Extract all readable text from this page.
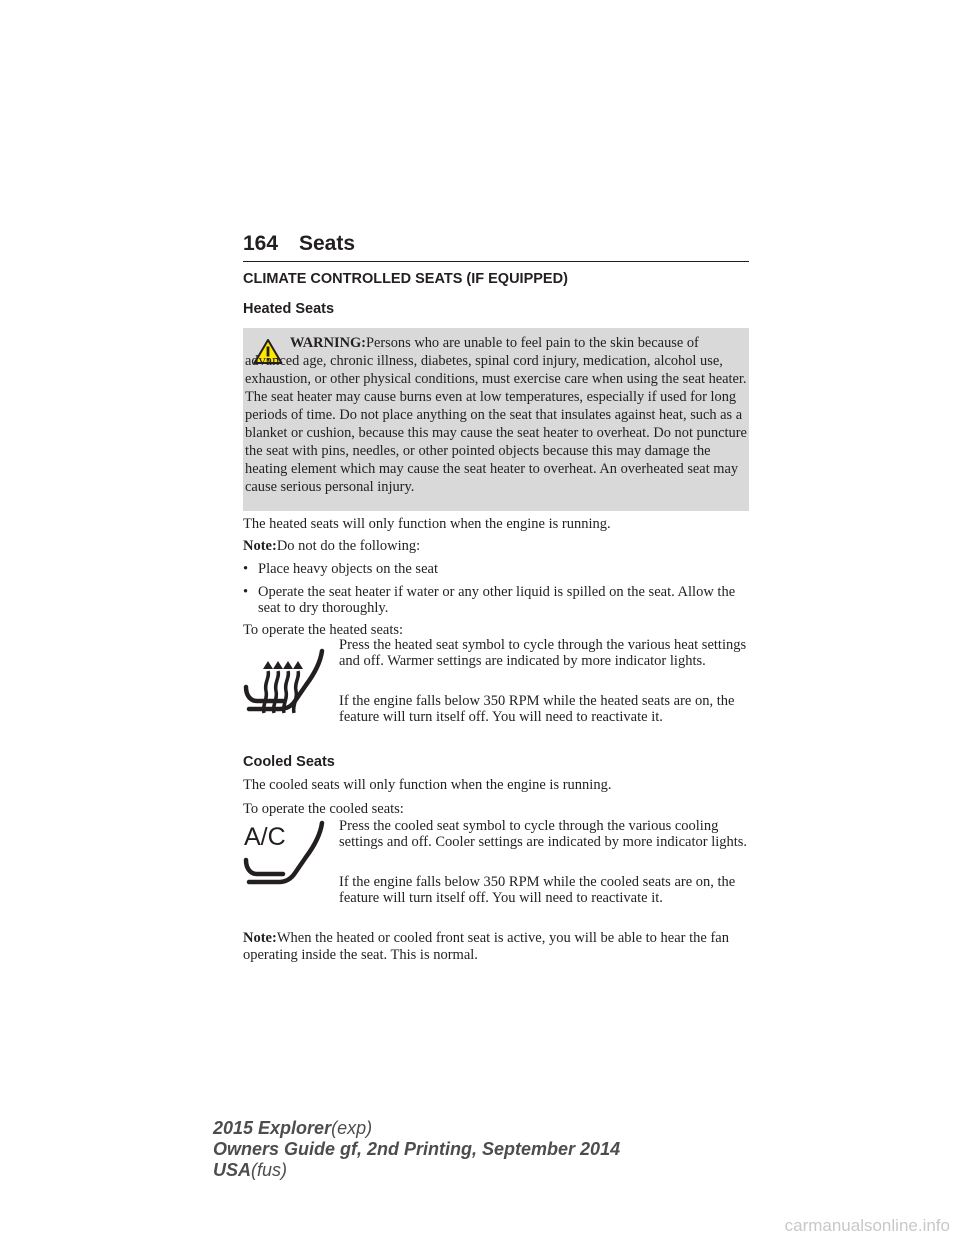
164 Seats
CLIMATE CONTROLLED SEATS (IF EQUIPPED)
Heated Seats
WARNING:Persons who are unable to feel pain to the skin because of advanced age, chronic illness, diabetes, spinal cord injury, medication, alcohol use, exhaustion, or other physical conditions, must exercise care when using the seat heater. The seat heater may cause burns even at low temperatures, especially if used for long periods of time. Do not place anything on the seat that insulates against heat, such as a blanket or cushion, because this may cause the seat heater to overheat. Do not puncture the seat with pins, needles, or other pointed objects because this may damage the heating element which may cause the seat heater to overheat. An overheated seat may cause serious personal injury.
The heated seats will only function when the engine is running.
Note:Do not do the following:
• Place heavy objects on the seat
• Operate the seat heater if water or any other liquid is spilled on the seat. Allow the seat to dry thoroughly.
To operate the heated seats:
Press the heated seat symbol to cycle through the various heat settings and off. Warmer settings are indicated by more indicator lights.
If the engine falls below 350 RPM while the heated seats are on, the feature will turn itself off. You will need to reactivate it.
Cooled Seats
The cooled seats will only function when the engine is running.
To operate the cooled seats:
A/C	Press the cooled seat symbol to cycle through the various cooling settings and off. Cooler settings are indicated by more indicator lights.
If the engine falls below 350 RPM while the cooled seats are on, the feature will turn itself off. You will need to reactivate it.
Note:When the heated or cooled front seat is active, you will be able to hear the fan operating inside the seat. This is normal.
2015 Explorer(exp)
Owners Guide gf, 2nd Printing, September 2014
USA(fus)
carmanualsonline.info
